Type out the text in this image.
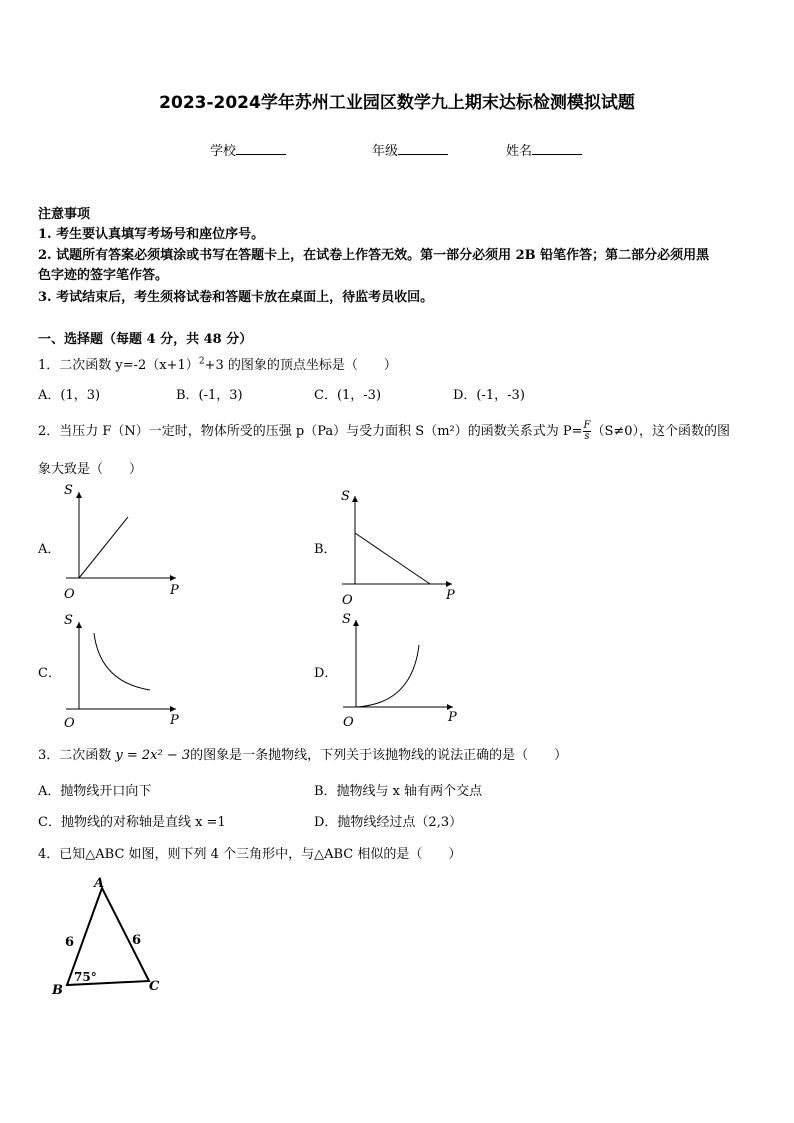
2023-2024学年苏州工业园区数学九上期末达标检测模拟试题
学校	年级	姓名
注意事项
1. 考生要认真填写考场号和座位序号。
2. 试题所有答案必须填涂或书写在答题卡上，在试卷上作答无效。第一部分必须用 2B 铅笔作答；第二部分必须用黑
色字迹的签字笔作答。
3. 考试结束后，考生须将试卷和答题卡放在桌面上，待监考员收回。
一、选择题（每题 4 分，共 48 分）
1．二次函数 $y=-2(x+1)^2+3$ 的图象的顶点坐标是（　　）
A．(1，3)	B．(-1，3)	C．(1，-3)	D．(-1，-3)
2．当压力 F（N）一定时，物体所受的压强 p（Pa）与受力面积 S（m²）的函数关系式为 $P= \frac{F}{s} (S\ne 0)$，这个函数的图
象大致是（　　）
A．	B．
C．	D．
S
P
O
S
P
O
S
P
O
S
P
O
3．二次函数 y = 2x² − 3的图象是一条抛物线，下列关于该抛物线的说法正确的是（　　）
A．抛物线开口向下	B．抛物线与 x 轴有两个交点
C．抛物线的对称轴是直线 x =1	D．抛物线经过点（2,3）
4．已知△ABC 如图，则下列 4 个三角形中，与△ABC 相似的是（　　）
A
B	C
6	6
75°
